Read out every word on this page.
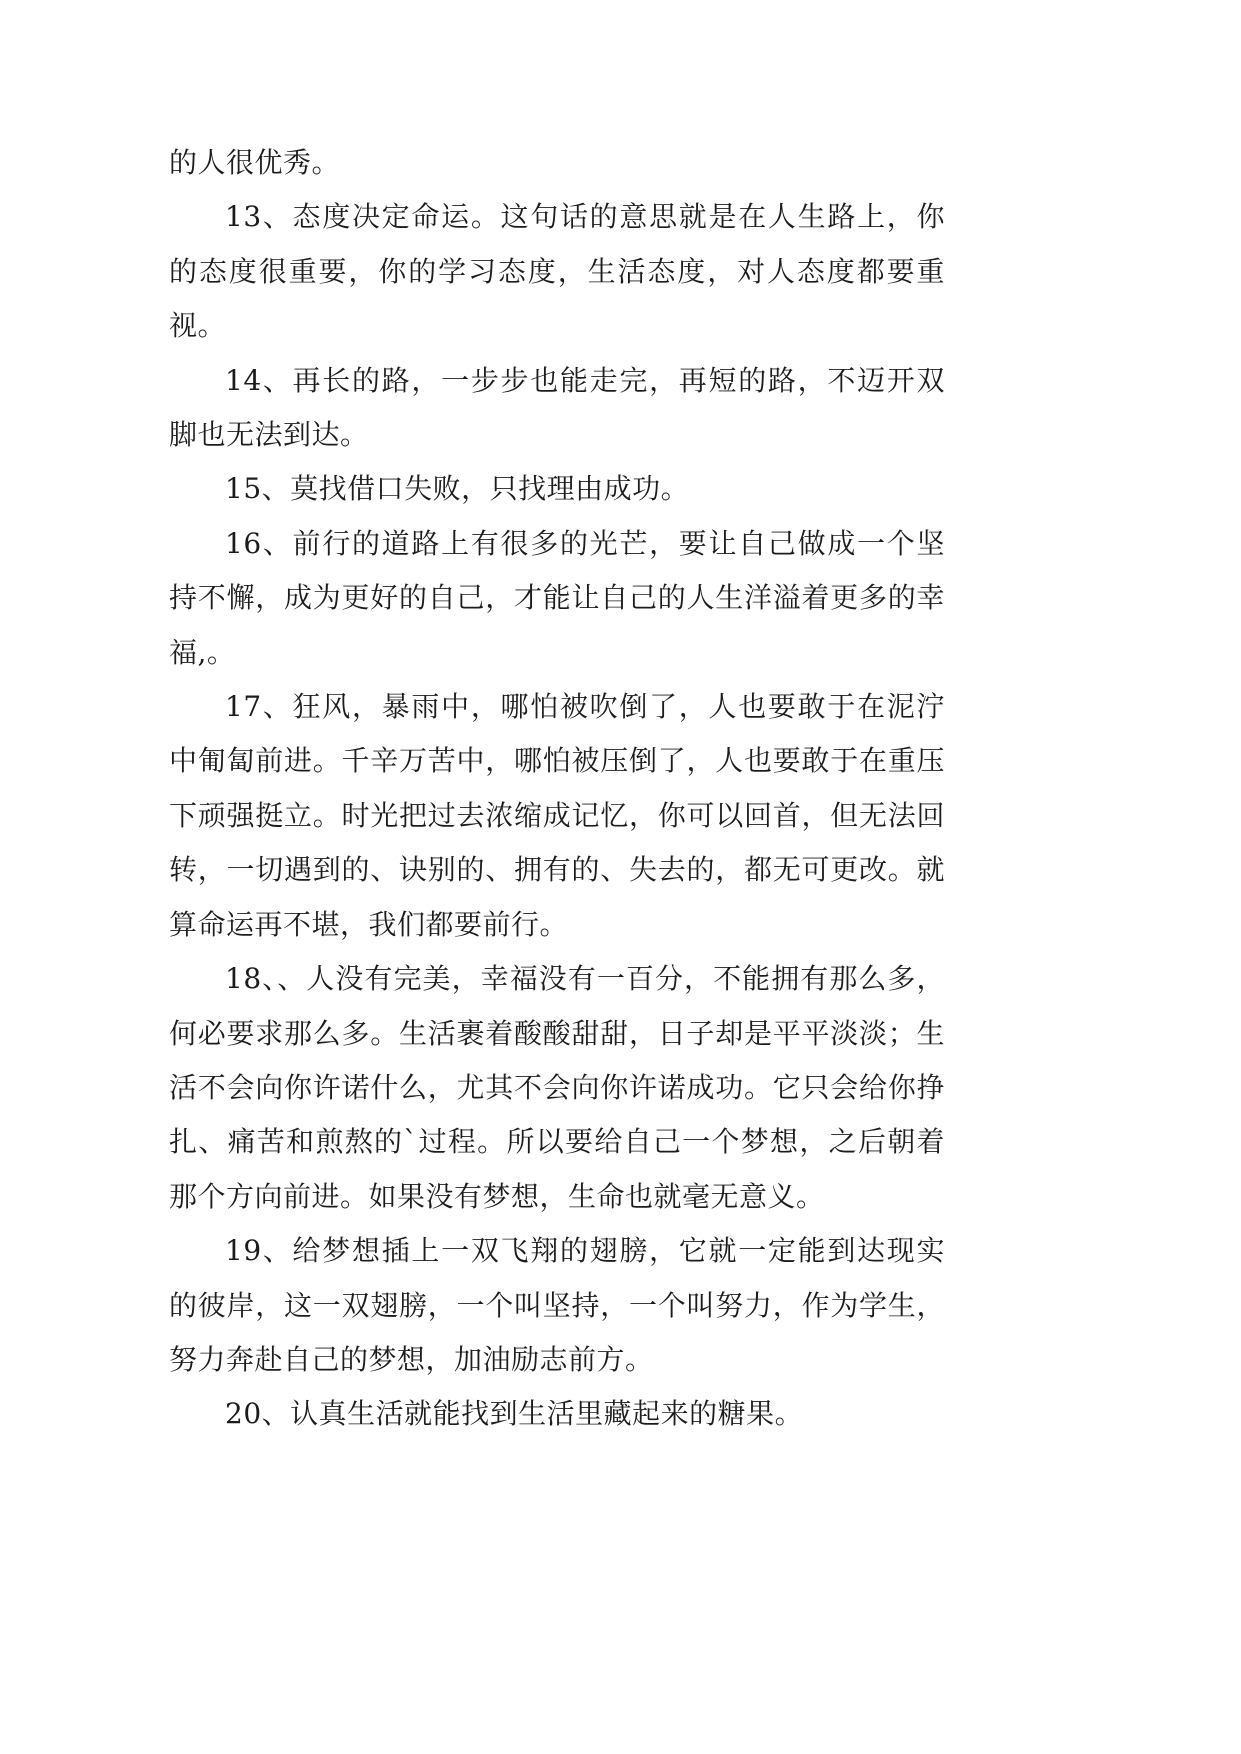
的人很优秀。

13、态度决定命运。这句话的意思就是在人生路上，你的态度很重要，你的学习态度，生活态度，对人态度都要重视。

14、再长的路，一步步也能走完，再短的路，不迈开双脚也无法到达。

15、莫找借口失败，只找理由成功。

16、前行的道路上有很多的光芒，要让自己做成一个坚持不懈，成为更好的自己，才能让自己的人生洋溢着更多的幸福,。

17、狂风，暴雨中，哪怕被吹倒了，人也要敢于在泥泞中匍匐前进。千辛万苦中，哪怕被压倒了，人也要敢于在重压下顽强挺立。时光把过去浓缩成记忆，你可以回首，但无法回转，一切遇到的、诀别的、拥有的、失去的，都无可更改。就算命运再不堪，我们都要前行。

18、、人没有完美，幸福没有一百分，不能拥有那么多，何必要求那么多。生活裹着酸酸甜甜，日子却是平平淡淡；生活不会向你许诺什么，尤其不会向你许诺成功。它只会给你挣扎、痛苦和煎熬的`过程。所以要给自己一个梦想，之后朝着那个方向前进。如果没有梦想，生命也就毫无意义。

19、给梦想插上一双飞翔的翅膀，它就一定能到达现实的彼岸，这一双翅膀，一个叫坚持，一个叫努力，作为学生，努力奔赴自己的梦想，加油励志前方。

20、认真生活就能找到生活里藏起来的糖果。
